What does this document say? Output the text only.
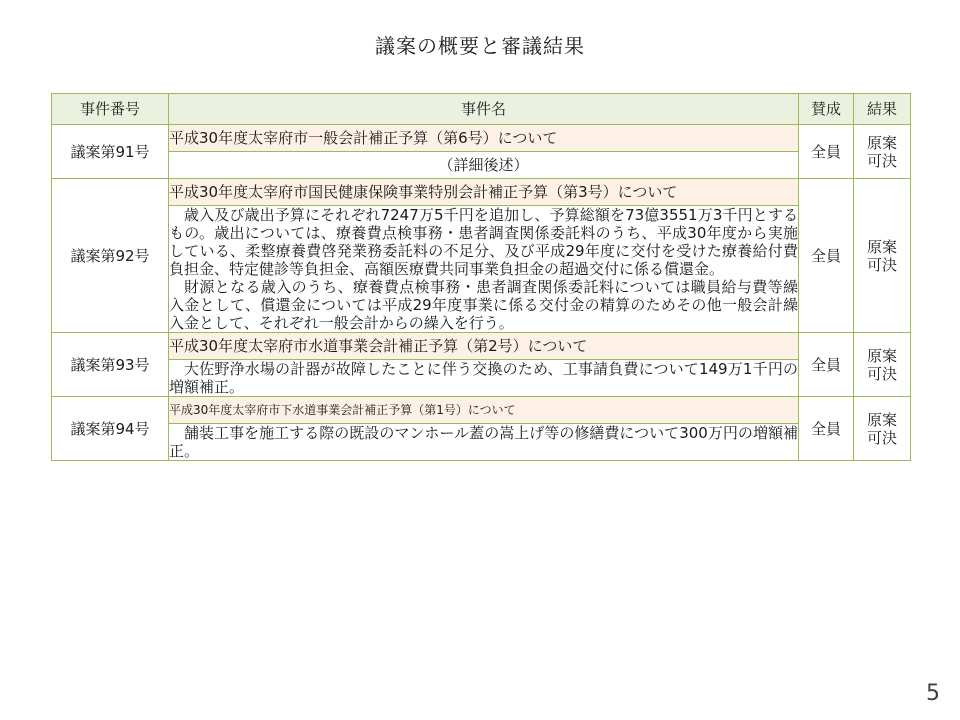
議案の概要と審議結果
事件番号	事件名	賛成	結果
議案第91号	平成30年度太宰府市一般会計補正予算（第6号）について	全員	原案
可決
	（詳細後述）		
議案第92号	平成30年度太宰府市国民健康保険事業特別会計補正予算（第3号）について	全員	原案
可決

	歳入及び歳出予算にそれぞれ7247万5千円を追加し、予算総額を73億3551万3千円とするもの。歳出については、療養費点検事務・患者調査関係委託料のうち、平成30年度から実施している、柔整療養費啓発業務委託料の不足分、及び平成29年度に交付を受けた療養給付費負担金、特定健診等負担金、高額医療費共同事業負担金の超過交付に係る償還金。
財源となる歳入のうち、療養費点検事務・患者調査関係委託料については職員給与費等繰入金として、償還金については平成29年度事業に係る交付金の精算のためその他一般会計繰入金として、それぞれ一般会計からの繰入を行う。		

議案第93号	平成30年度太宰府市水道事業会計補正予算（第2号）について	全員	原案
可決

	大佐野浄水場の計器が故障したことに伴う交換のため、工事請負費について149万1千円の増額補正。		

議案第94号	平成30年度太宰府市下水道事業会計補正予算（第1号）について	全員	原案
可決

	舗装工事を施工する際の既設のマンホール蓋の嵩上げ等の修繕費について300万円の増額補正。		
5
